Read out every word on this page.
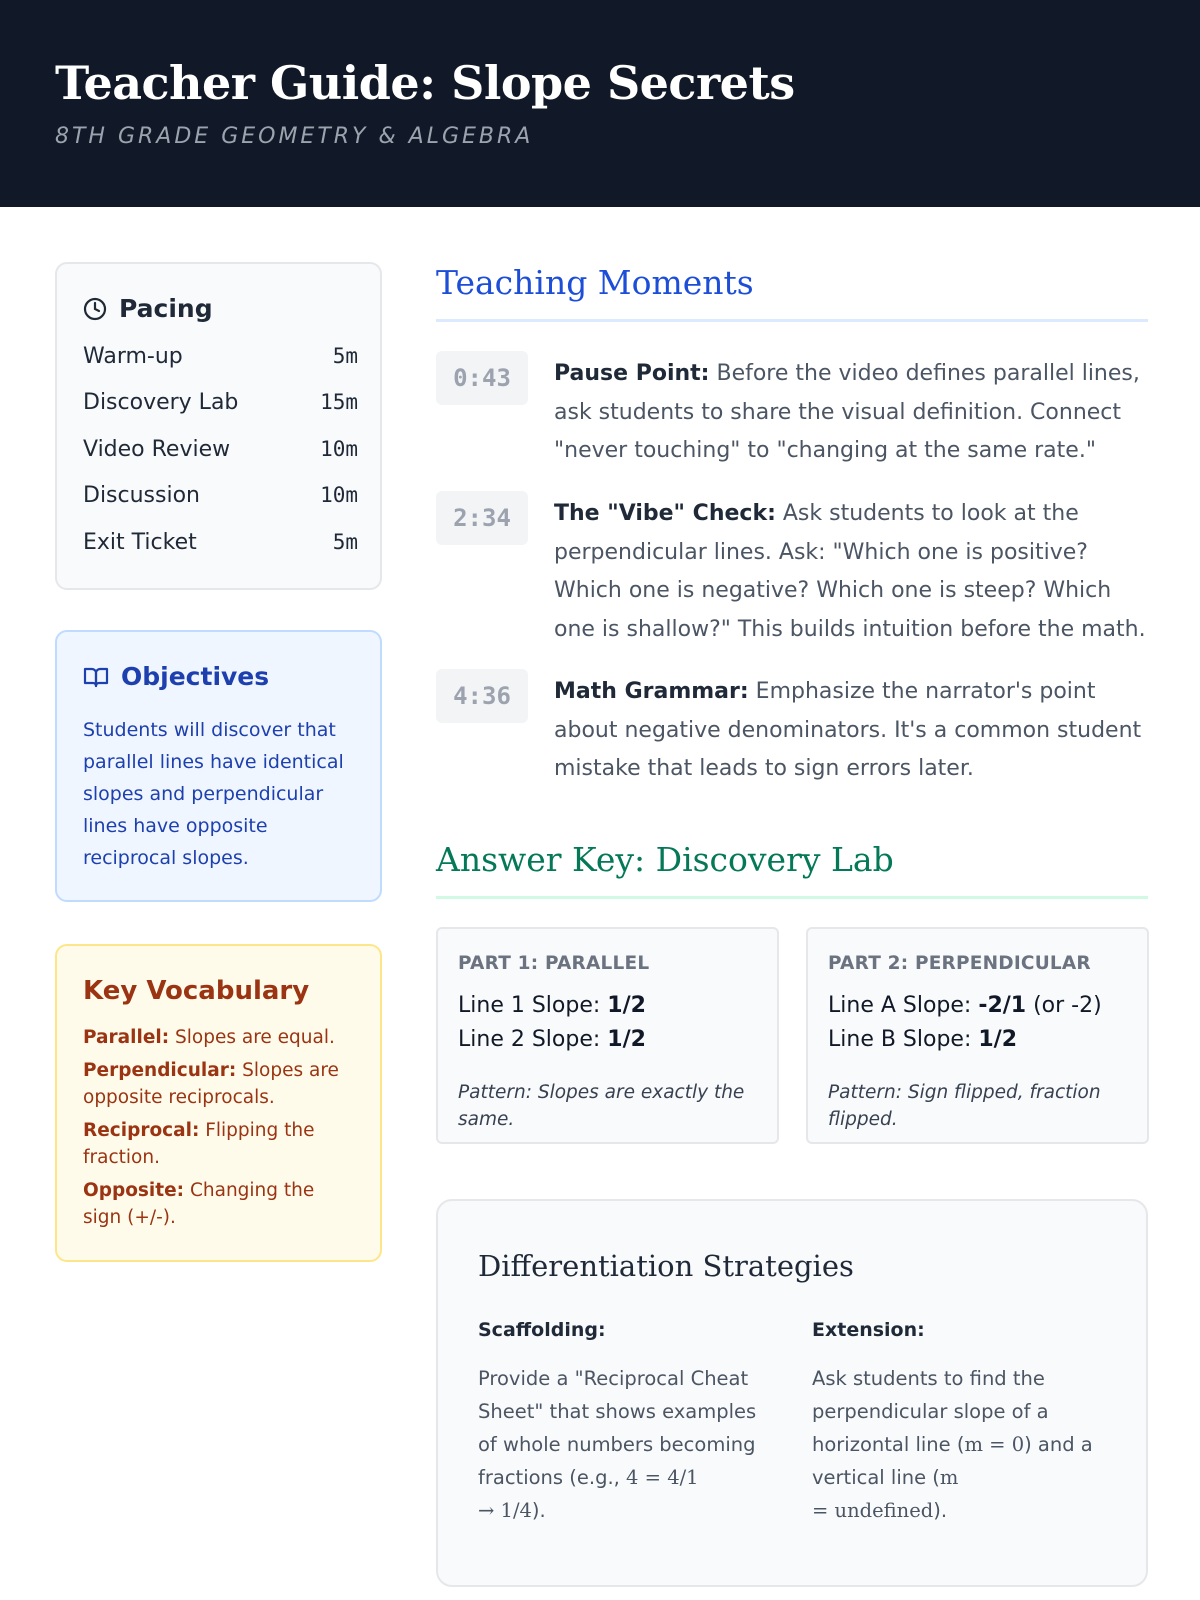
Teacher Guide: Slope Secrets
8TH GRADE GEOMETRY & ALGEBRA
Pacing
Warm-up	5m
Discovery Lab	15m
Video Review	10m
Discussion	10m
Exit Ticket	5m
Objectives
Students will discover that parallel lines have identical slopes and perpendicular lines have opposite reciprocal slopes.
Key Vocabulary
Parallel: Slopes are equal.
Perpendicular: Slopes are opposite reciprocals.
Reciprocal: Flipping the fraction.
Opposite: Changing the sign (+/-).
Teaching Moments
0:43	Pause Point: Before the video defines parallel lines, ask students to share the visual definition. Connect "never touching" to "changing at the same rate."
2:34	The "Vibe" Check: Ask students to look at the perpendicular lines. Ask: "Which one is positive? Which one is negative? Which one is steep? Which one is shallow?" This builds intuition before the math.
4:36	Math Grammar: Emphasize the narrator's point about negative denominators. It's a common student mistake that leads to sign errors later.
Answer Key: Discovery Lab
PART 1: PARALLEL
Line 1 Slope: 1/2
Line 2 Slope: 1/2
Pattern: Slopes are exactly the same.
PART 2: PERPENDICULAR
Line A Slope: -2/1 (or -2)
Line B Slope: 1/2
Pattern: Sign flipped, fraction flipped.
Differentiation Strategies
Scaffolding:
Provide a "Reciprocal Cheat Sheet" that shows examples of whole numbers becoming fractions (e.g., 4 = 4/1
→ 1/4).
Extension:
Ask students to find the perpendicular slope of a horizontal line (m = 0) and a vertical line (m
= undefined).
